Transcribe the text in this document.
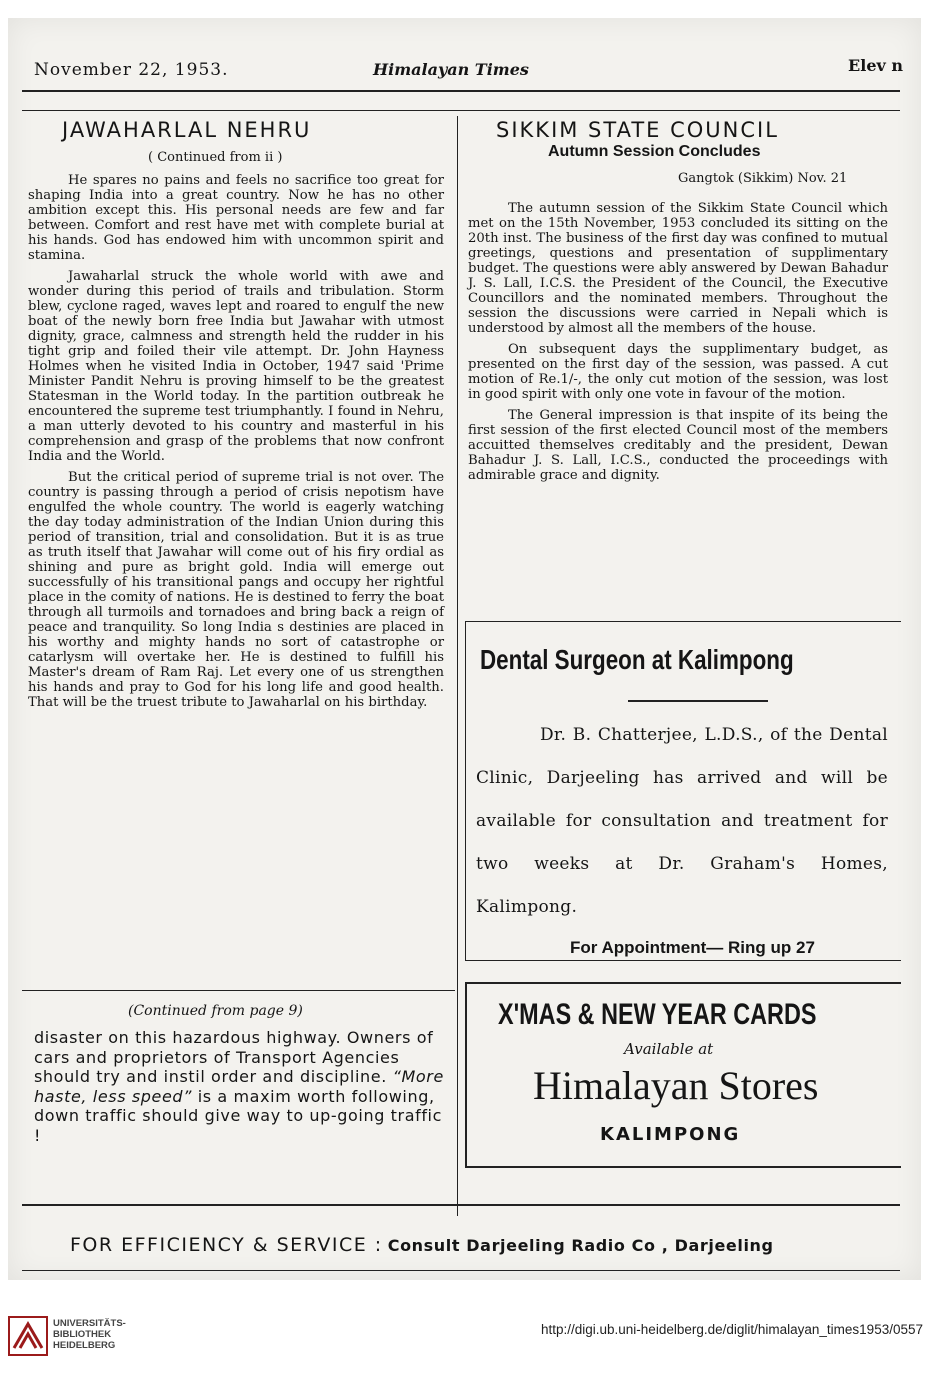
November 22, 1953.	Himalayan Times	Elev n
JAWAHARLAL NEHRU
( Continued from ii )

He spares no pains and feels no sacrifice too great for shaping India into a great country. Now he has no other ambition except this. His personal needs are few and far between. Comfort and rest have met with complete burial at his hands. God has endowed him with uncommon spirit and stamina.

Jawaharlal struck the whole world with awe and wonder during this period of trails and tribulation. Storm blew, cyclone raged, waves lept and roared to engulf the new boat of the newly born free India but Jawahar with utmost dignity, grace, calmness and strength held the rudder in his tight grip and foiled their vile attempt. Dr. John Hayness Holmes when he visited India in October, 1947 said 'Prime Minister Pandit Nehru is proving himself to be the greatest Statesman in the World today. In the partition outbreak he encountered the supreme test triumphantly. I found in Nehru, a man utterly devoted to his country and masterful in his comprehension and grasp of the problems that now confront India and the World.

But the critical period of supreme trial is not over. The country is passing through a period of crisis nepotism have engulfed the whole country. The world is eagerly watching the day today administration of the Indian Union during this period of transition, trial and consolidation. But it is as true as truth itself that Jawahar will come out of his firy ordial as shining and pure as bright gold. India will emerge out successfully of his transitional pangs and occupy her rightful place in the comity of nations. He is destined to ferry the boat through all turmoils and tornadoes and bring back a reign of peace and tranquility. So long India s destinies are placed in his worthy and mighty hands no sort of catastrophe or catarlysm will overtake her. He is destined to fulfill his Master's dream of Ram Raj. Let every one of us strengthen his hands and pray to God for his long life and good health. That will be the truest tribute to Jawaharlal on his birthday.

(Continued from page 9)
disaster on this hazardous highway. Owners of cars and proprietors of Transport Agencies should try and instil order and discipline. “More haste, less speed” is a maxim worth following, down traffic should give way to up-going traffic !
SIKKIM STATE COUNCIL
Autumn Session Concludes
Gangtok (Sikkim) Nov. 21

The autumn session of the Sikkim State Council which met on the 15th November, 1953 concluded its sitting on the 20th inst. The business of the first day was confined to mutual greetings, questions and presentation of supplimentary budget. The questions were ably answered by Dewan Bahadur J. S. Lall, I.C.S. the President of the Council, the Executive Councillors and the nominated members. Throughout the session the discussions were carried in Nepali which is understood by almost all the members of the house.

On subsequent days the supplimentary budget, as presented on the first day of the session, was passed. A cut motion of Re.1/-, the only cut motion of the session, was lost in good spirit with only one vote in favour of the motion.

The General impression is that inspite of its being the first session of the first elected Council most of the members accuitted themselves creditably and the president, Dewan Bahadur J. S. Lall, I.C.S., conducted the proceedings with admirable grace and dignity.

Dental Surgeon at Kalimpong
Dr. B. Chatterjee, L.D.S., of the Dental Clinic, Darjeeling has arrived and will be available for consultation and treatment for two weeks at Dr. Graham's Homes, Kalimpong.
For Appointment— Ring up 27
X'MAS & NEW YEAR CARDS
Available at
Himalayan Stores
KALIMPONG
FOR EFFICIENCY & SERVICE : Consult Darjeeling Radio Co , Darjeeling
UNIVERSITÄTS-
BIBLIOTHEK
HEIDELBERG
http://digi.ub.uni-heidelberg.de/diglit/himalayan_times1953/0557
